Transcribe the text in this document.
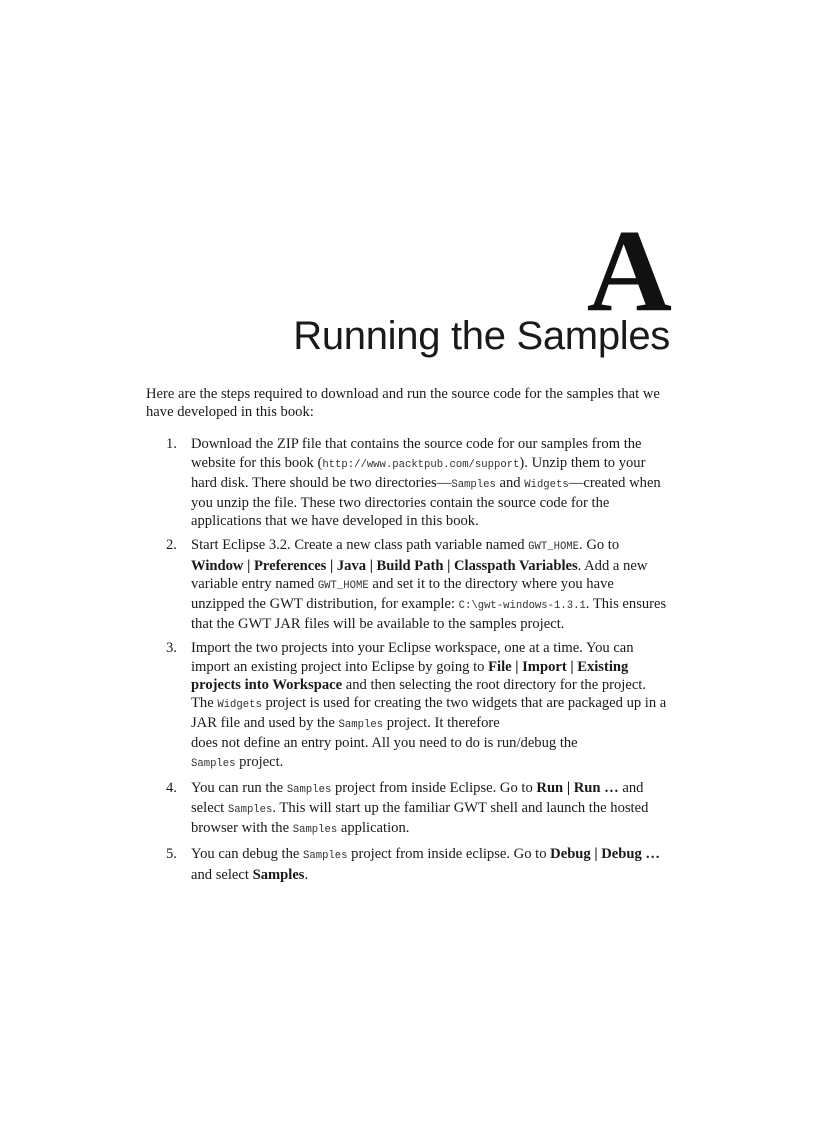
A
Running the Samples

Here are the steps required to download and run the source code for the samples that we have developed in this book:

1. Download the ZIP file that contains the source code for our samples from the website for this book (http://www.packtpub.com/support). Unzip them to your hard disk. There should be two directories—Samples and Widgets—created when you unzip the file. These two directories contain the source code for the applications that we have developed in this book.
2. Start Eclipse 3.2. Create a new class path variable named GWT_HOME. Go to Window | Preferences | Java | Build Path | Classpath Variables. Add a new variable entry named GWT_HOME and set it to the directory where you have unzipped the GWT distribution, for example: C:\gwt-windows-1.3.1. This ensures that the GWT JAR files will be available to the samples project.
3. Import the two projects into your Eclipse workspace, one at a time. You can import an existing project into Eclipse by going to File | Import | Existing projects into Workspace and then selecting the root directory for the project. The Widgets project is used for creating the two widgets that are packaged up in a JAR file and used by the Samples project. It therefore
does not define an entry point. All you need to do is run/debug the
Samples project.
4. You can run the Samples project from inside Eclipse. Go to Run | Run … and select Samples. This will start up the familiar GWT shell and launch the hosted browser with the Samples application.
5. You can debug the Samples project from inside eclipse. Go to Debug | Debug … and select Samples.
